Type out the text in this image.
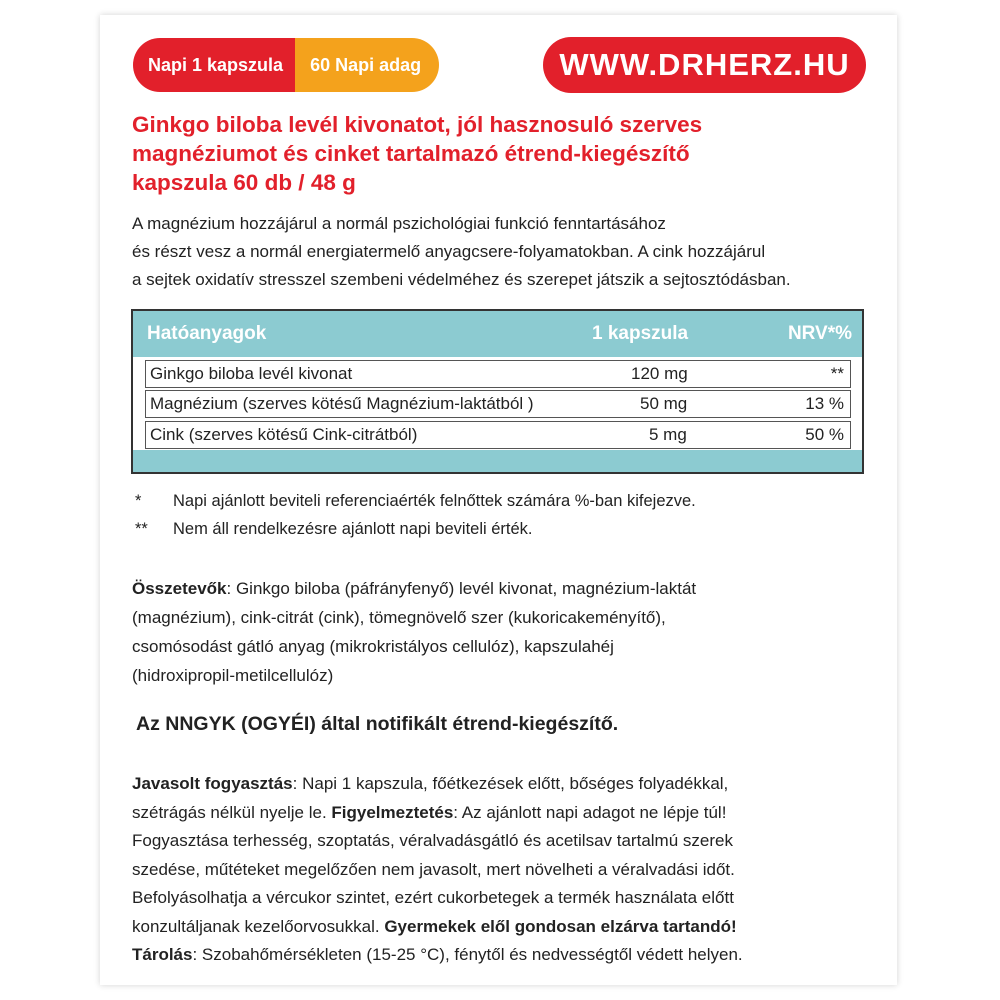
Napi 1 kapszula	60 Napi adag	WWW.DRHERZ.HU
Ginkgo biloba levél kivonatot, jól hasznosuló szerves
magnéziumot és cinket tartalmazó étrend-kiegészítő
kapszula 60 db / 48 g
A magnézium hozzájárul a normál pszichológiai funkció fenntartásához
és részt vesz a normál energiatermelő anyagcsere-folyamatokban. A cink hozzájárul
a sejtek oxidatív stresszel szembeni védelméhez és szerepet játszik a sejtosztódásban.
Hatóanyagok	1 kapszula	NRV*%
Ginkgo biloba levél kivonat	120 mg	**
Magnézium (szerves kötésű Magnézium-laktátból )	50 mg	13 %
Cink (szerves kötésű Cink-citrátból)	5 mg	50 %
* Napi ajánlott beviteli referenciaérték felnőttek számára %-ban kifejezve.
** Nem áll rendelkezésre ajánlott napi beviteli érték.
Összetevők: Ginkgo biloba (páfrányfenyő) levél kivonat, magnézium-laktát
(magnézium), cink-citrát (cink), tömegnövelő szer (kukoricakeményítő),
csomósodást gátló anyag (mikrokristályos cellulóz), kapszulahéj
(hidroxipropil-metilcellulóz)
Az NNGYK (OGYÉI) által notifikált étrend-kiegészítő.
Javasolt fogyasztás: Napi 1 kapszula, főétkezések előtt, bőséges folyadékkal,
szétrágás nélkül nyelje le. Figyelmeztetés: Az ajánlott napi adagot ne lépje túl!
Fogyasztása terhesség, szoptatás, véralvadásgátló és acetilsav tartalmú szerek
szedése, műtéteket megelőzően nem javasolt, mert növelheti a véralvadási időt.
Befolyásolhatja a vércukor szintet, ezért cukorbetegek a termék használata előtt
konzultáljanak kezelőorvosukkal. Gyermekek elől gondosan elzárva tartandó!
Tárolás: Szobahőmérsékleten (15-25 °C), fénytől és nedvességtől védett helyen.
